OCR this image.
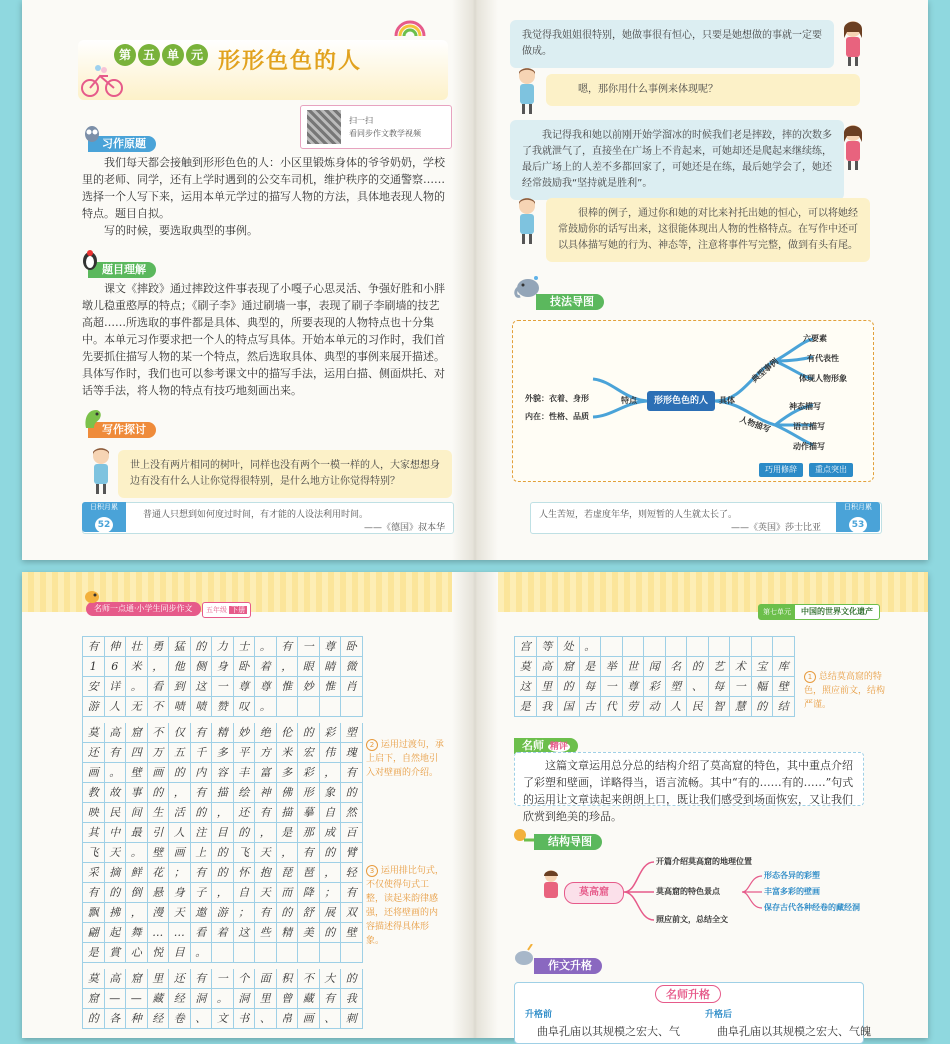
第 五 单 元 形形色色的人
扫一扫
看同步作文教学视频
习作原题

我们每天都会接触到形形色色的人：小区里锻炼身体的爷爷奶奶，学校里的老师、同学，还有上学时遇到的公交车司机，维护秩序的交通警察……选择一个人写下来，运用本单元学过的描写人物的方法，具体地表现人物的特点。题目自拟。

写的时候，要选取典型的事例。

题目理解

课文《摔跤》通过摔跤这件事表现了小嘎子心思灵活、争强好胜和小胖墩儿稳重憨厚的特点；《刷子李》通过刷墙一事，表现了刷子李刷墙的技艺高超……所选取的事件都是具体、典型的，所要表现的人物特点也十分集中。本单元习作要求把一个人的特点写具体。开始本单元的习作时，我们首先要抓住描写人物的某一个特点，然后选取具体、典型的事例来展开描述。具体写作时，我们也可以参考课文中的描写手法，运用白描、侧面烘托、对话等手法，将人物的特点有技巧地刻画出来。

写作探讨
世上没有两片相同的树叶，同样也没有两个一模一样的人，大家想想身边有没有什么人让你觉得很特别，是什么地方让你觉得特别？
普通人只想到如何度过时间，有才能的人设法利用时间。
——《德国》叔本华
日积月累
52
我觉得我姐姐很特别，她做事很有恒心，只要是她想做的事就一定要做成。
嗯，那你用什么事例来体现呢？
我记得我和她以前刚开始学溜冰的时候我们老是摔跤，摔的次数多了我就泄气了，直接坐在广场上不肯起来，可她却还是爬起来继续练，最后广场上的人差不多都回家了，可她还是在练，最后她学会了，她还经常鼓励我“坚持就是胜利”。
很棒的例子，通过你和她的对比来衬托出她的恒心，可以将她经常鼓励你的话写出来，这很能体现出人物的性格特点。在写作中还可以具体描写她的行为、神态等，注意将事件写完整，做到有头有尾。
技法导图
形形色色的人
特点
外貌：衣着、身形
内在：性格、品质
具体
典型事例
六要素
有代表性
体现人物形象
人物描写
神态描写
语言描写
动作描写
巧用修辞	重点突出
人生苦短，若虚度年华，则短暂的人生就太长了。
——《英国》莎士比亚
日积月累
53
名师一点通·小学生同步作文	五年级 下册
有 伸 壮 勇 猛 的 力 士 。 有 一 尊 卧
1	6	米 ， 他 侧 身 卧 着 ， 眼 睛 微
安 详 。 看 到 这 一 尊 尊 惟 妙 惟 肖
游 人 无 不 啧 啧 赞 叹 。
莫 高 窟 不 仅 有 精 妙 绝 伦 的 彩 塑
还 有 四 万 五 千 多 平 方 米 宏 伟 瑰
画 。 壁 画 的 内 容 丰 富 多 彩 ， 有
教 故 事 的 ， 有 描 绘 神 佛 形 象 的
映 民 间 生 活 的 ， 还 有 描 摹 自 然
其 中 最 引 人 注 目 的 ， 是 那 成 百
飞 天 。 壁 画 上 的 飞 天 ， 有 的 臂
采 摘 鲜 花 ； 有 的 怀 抱 琵 琶 ， 轻
有 的 倒 悬 身 子 ， 自 天 而 降 ； 有
飘 拂 ， 漫 天 遨 游 ； 有 的 舒 展 双
翩 起 舞 … … 看 着 这 些 精 美 的 壁
是 賞 心 悦 目 。
莫 高 窟 里 还 有 一 个 面 积 不 大 的
窟 — — 藏 经 洞 。 洞 里 曾 藏 有 我
的 各 种 经 卷 、 文 书 、 帛 画 、 刺
2 运用过渡句，承上启下，自然地引入对壁画的介绍。
3 运用排比句式，不仅使得句式工整，读起来韵律感强，还将壁画的内容描述得具体形象。
第七单元	中国的世界文化遗产
宫 等 处 。
莫 高 窟 是 举 世 闻 名 的 艺 术 宝 库
这 里 的 每 一 尊 彩 塑 、 每 一 幅 壁
是 我 国 古 代 劳 动 人 民 智 慧 的 结
1 总结莫高窟的特色，照应前文，结构严谨。
名师 精评

这篇文章运用总分总的结构介绍了莫高窟的特色，其中重点介绍了彩塑和壁画，详略得当，语言流畅。其中“有的……有的……”句式的运用让文章读起来朗朗上口，既让我们感受到场面恢宏，又让我们欣赏到绝美的珍品。

结构导图
莫高窟
开篇介绍莫高窟的地理位置
莫高窟的特色景点
形态各异的彩塑
丰富多彩的壁画
保存古代各种经卷的藏经洞
照应前文，总结全文
作文升格
名师升格
升格前	升格后
曲阜孔庙以其规模之宏大、气	曲阜孔庙以其规模之宏大、气魄
